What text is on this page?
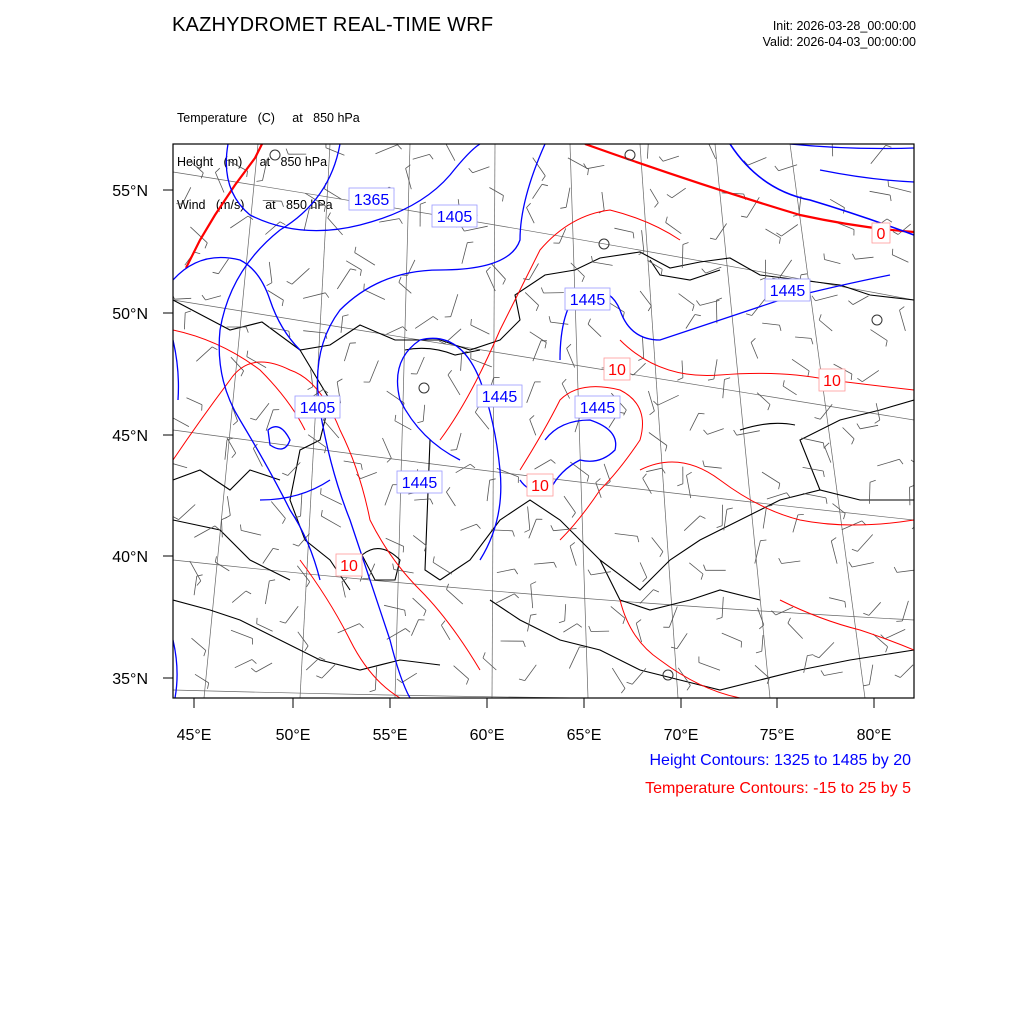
KAZHYDROMET REAL-TIME WRF	Init: 2026-03-28_00:00:00
Valid: 2026-04-03_00:00:00

Temperature   (C)     at   850 hPa

Height   (m)     at   850 hPa

Wind   (m/s)      at   850 hPa	1365
1405
1445
1445
1405
1445
1445
1445
10
10
10
10
0
55°N
50°N
45°N
40°N
35°N
45°E	50°E	55°E	60°E	65°E	70°E	75°E	80°E
Height Contours: 1325 to 1485 by 20
Temperature Contours: -15 to 25 by 5
